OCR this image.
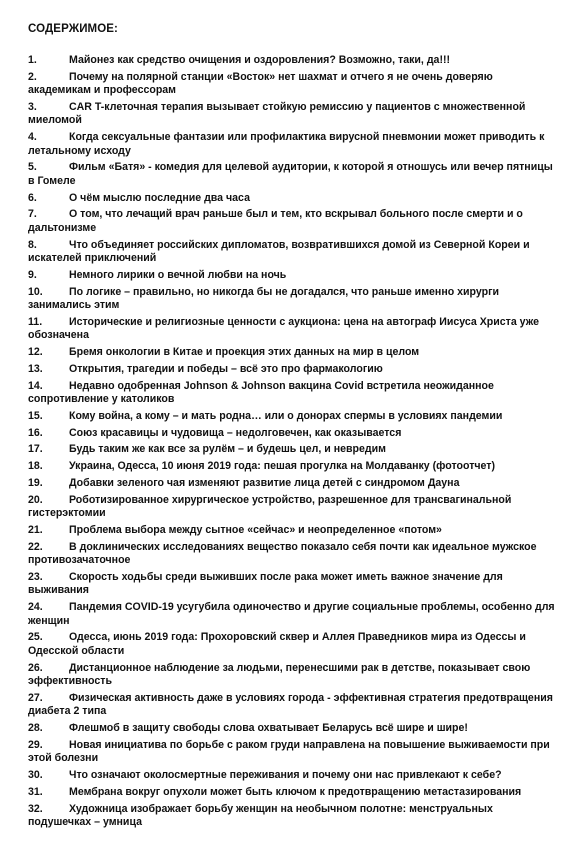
СОДЕРЖИМОЕ:
1.	Майонез как средство очищения и оздоровления? Возможно, таки, да!!!
2.	Почему на полярной станции «Восток» нет шахмат и отчего я не очень доверяю академикам и профессорам
3.	CAR T-клеточная терапия вызывает стойкую ремиссию у пациентов с множественной миеломой
4.	Когда сексуальные фантазии или профилактика вирусной пневмонии может приводить к летальному исходу
5.	Фильм «Батя» - комедия для целевой аудитории, к которой я отношусь или вечер пятницы в Гомеле
6.	О чём мыслю последние два часа
7.	О том, что лечащий врач раньше был и тем, кто вскрывал больного после смерти и о дальтонизме
8.	Что объединяет российских дипломатов, возвратившихся домой из Северной Кореи и искателей приключений
9.	Немного лирики о вечной любви на ночь
10.	По логике – правильно, но никогда бы не догадался, что раньше именно хирурги занимались этим
11.	Исторические и религиозные ценности с аукциона: цена на автограф Иисуса Христа уже обозначена
12.	Бремя онкологии в Китае и проекция этих данных на мир в целом
13.	Открытия, трагедии и победы – всё это про фармакологию
14.	Недавно одобренная Johnson & Johnson вакцина Covid встретила неожиданное сопротивление у католиков
15.	Кому война, а кому – и мать родна… или о донорах спермы в условиях пандемии
16.	Союз красавицы и чудовища – недолговечен, как оказывается
17.	Будь таким же как все за рулём – и будешь цел, и невредим
18.	Украина, Одесса, 10 июня 2019 года: пешая прогулка на Молдаванку (фотоотчет)
19.	Добавки зеленого чая изменяют развитие лица детей с синдромом Дауна
20.	Роботизированное хирургическое устройство, разрешенное для трансвагинальной гистерэктомии
21.	Проблема выбора между сытное «сейчас» и неопределенное «потом»
22.	В доклинических исследованиях вещество показало себя почти как идеальное мужское противозачаточное
23.	Скорость ходьбы среди выживших после рака может иметь важное значение для выживания
24.	Пандемия COVID-19 усугубила одиночество и другие социальные проблемы, особенно для женщин
25.	Одесса, июнь 2019 года: Прохоровский сквер и Аллея Праведников мира из Одессы и Одесской области
26.	Дистанционное наблюдение за людьми, перенесшими рак в детстве, показывает свою эффективность
27.	Физическая активность даже в условиях города - эффективная стратегия предотвращения диабета 2 типа
28.	Флешмоб в защиту свободы слова охватывает Беларусь всё шире и шире!
29.	Новая инициатива по борьбе с раком груди направлена на повышение выживаемости при этой болезни
30.	Что означают околосмертные переживания и почему они нас привлекают к себе?
31.	Мембрана вокруг опухоли может быть ключом к предотвращению метастазирования
32.	Художница изображает борьбу женщин на необычном полотне: менструальных подушечках – умница
